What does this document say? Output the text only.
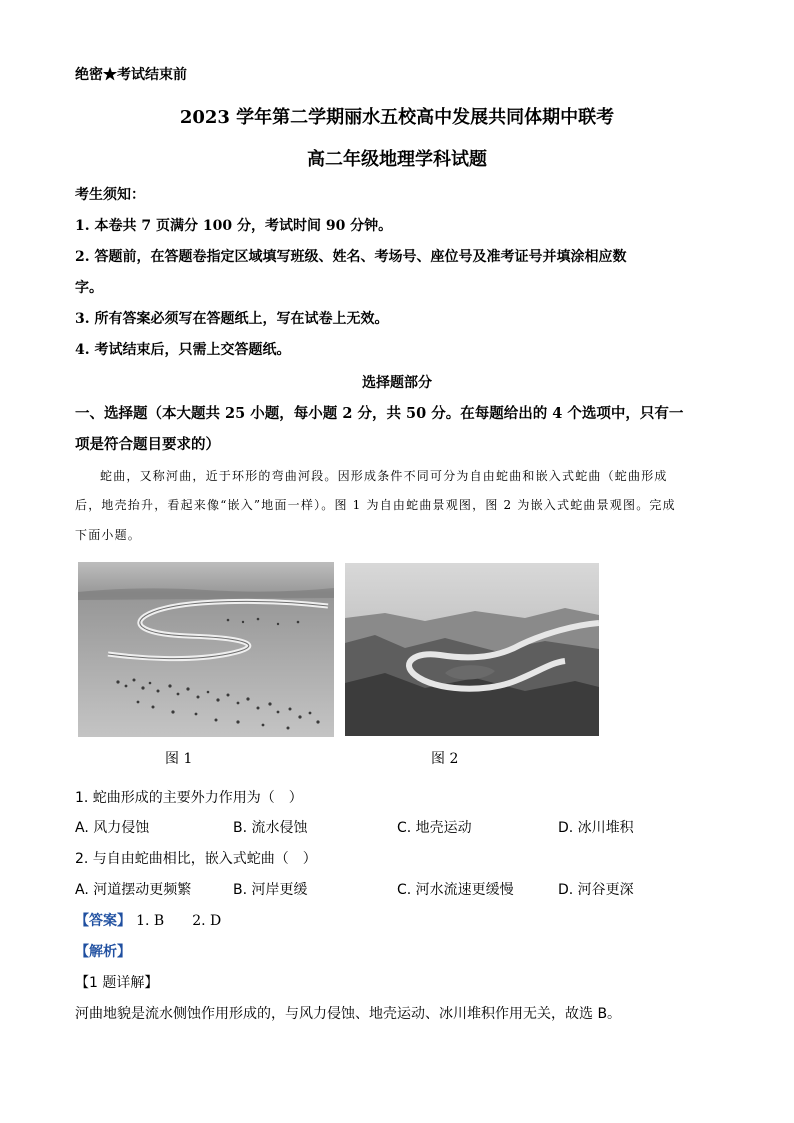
绝密★考试结束前
2023 学年第二学期丽水五校高中发展共同体期中联考
高二年级地理学科试题
考生须知：
1. 本卷共 7 页满分 100 分，考试时间 90 分钟。
2. 答题前，在答题卷指定区域填写班级、姓名、考场号、座位号及准考证号并填涂相应数
字。
3. 所有答案必须写在答题纸上，写在试卷上无效。
4. 考试结束后，只需上交答题纸。
选择题部分
一、选择题（本大题共 25 小题，每小题 2 分，共 50 分。在每题给出的 4 个选项中，只有一
项是符合题目要求的）
蛇曲，又称河曲，近于环形的弯曲河段。因形成条件不同可分为自由蛇曲和嵌入式蛇曲（蛇曲形成
后，地壳抬升，看起来像“嵌入”地面一样）。图 1 为自由蛇曲景观图，图 2 为嵌入式蛇曲景观图。完成
下面小题。
图 1	图 2
1. 蛇曲形成的主要外力作用为（　）
A. 风力侵蚀	B. 流水侵蚀	C. 地壳运动	D. 冰川堆积
2. 与自由蛇曲相比，嵌入式蛇曲（　）
A. 河道摆动更频繁	B. 河岸更缓	C. 河水流速更缓慢	D. 河谷更深
【答案】 1. B　　2. D
【解析】
【1 题详解】
河曲地貌是流水侧蚀作用形成的，与风力侵蚀、地壳运动、冰川堆积作用无关，故选 B。
